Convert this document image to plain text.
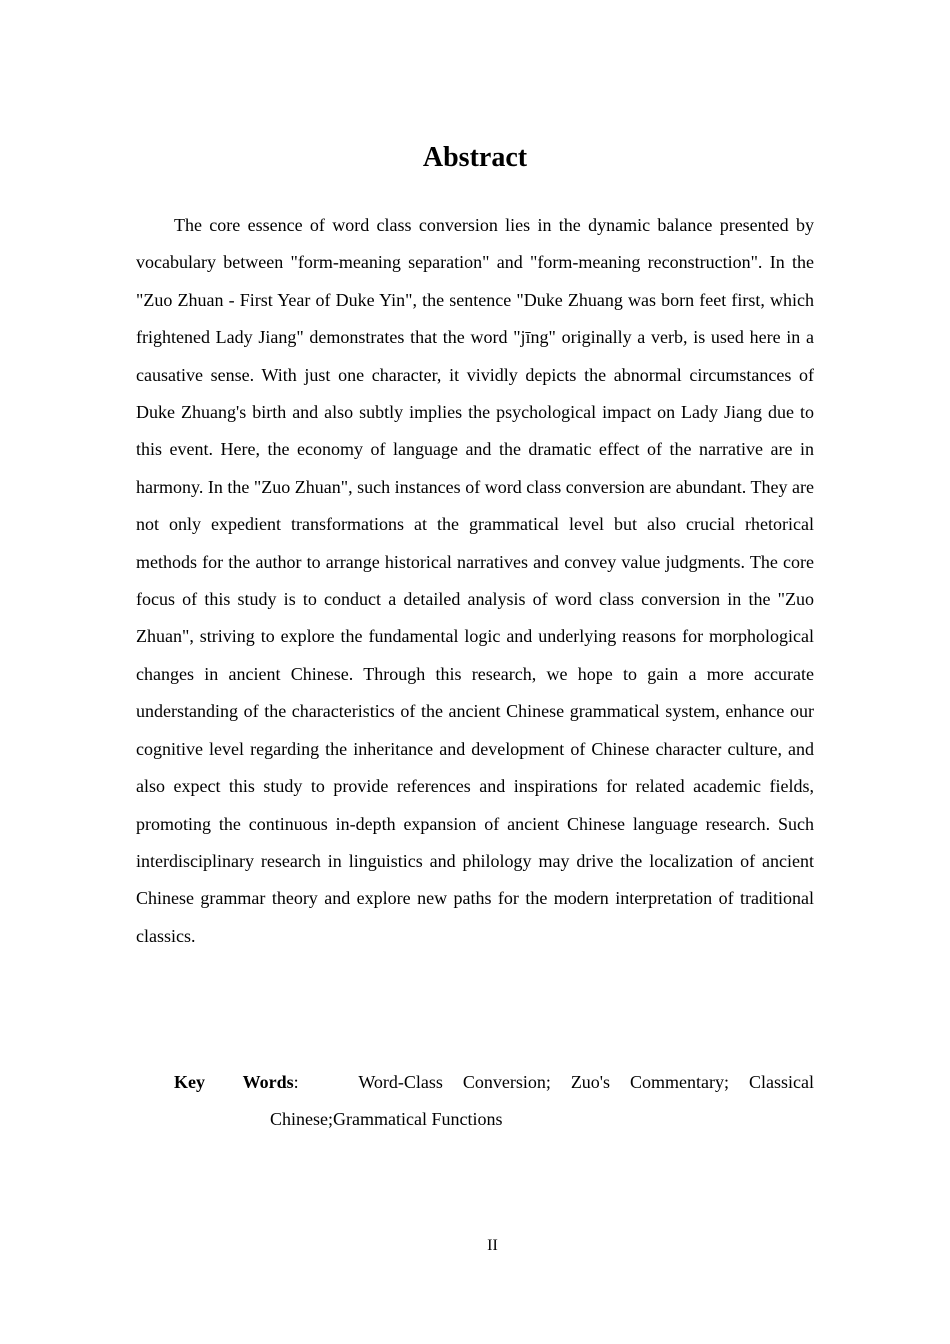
Abstract

The core essence of word class conversion lies in the dynamic balance presented by vocabulary between "form-meaning separation" and "form-meaning reconstruction". In the "Zuo Zhuan - First Year of Duke Yin", the sentence "Duke Zhuang was born feet first, which frightened Lady Jiang" demonstrates that the word "jīng" originally a verb, is used here in a causative sense. With just one character, it vividly depicts the abnormal circumstances of Duke Zhuang's birth and also subtly implies the psychological impact on Lady Jiang due to this event. Here, the economy of language and the dramatic effect of the narrative are in harmony. In the "Zuo Zhuan", such instances of word class conversion are abundant. They are not only expedient transformations at the grammatical level but also crucial rhetorical methods for the author to arrange historical narratives and convey value judgments. The core focus of this study is to conduct a detailed analysis of word class conversion in the "Zuo Zhuan", striving to explore the fundamental logic and underlying reasons for morphological changes in ancient Chinese. Through this research, we hope to gain a more accurate understanding of the characteristics of the ancient Chinese grammatical system, enhance our cognitive level regarding the inheritance and development of Chinese character culture, and also expect this study to provide references and inspirations for related academic fields, promoting the continuous in-depth expansion of ancient Chinese language research. Such interdisciplinary research in linguistics and philology may drive the localization of ancient Chinese grammar theory and explore new paths for the modern interpretation of traditional classics.

Key Words:	Word-Class Conversion; Zuo's Commentary; Classical Chinese;Grammatical Functions

II
